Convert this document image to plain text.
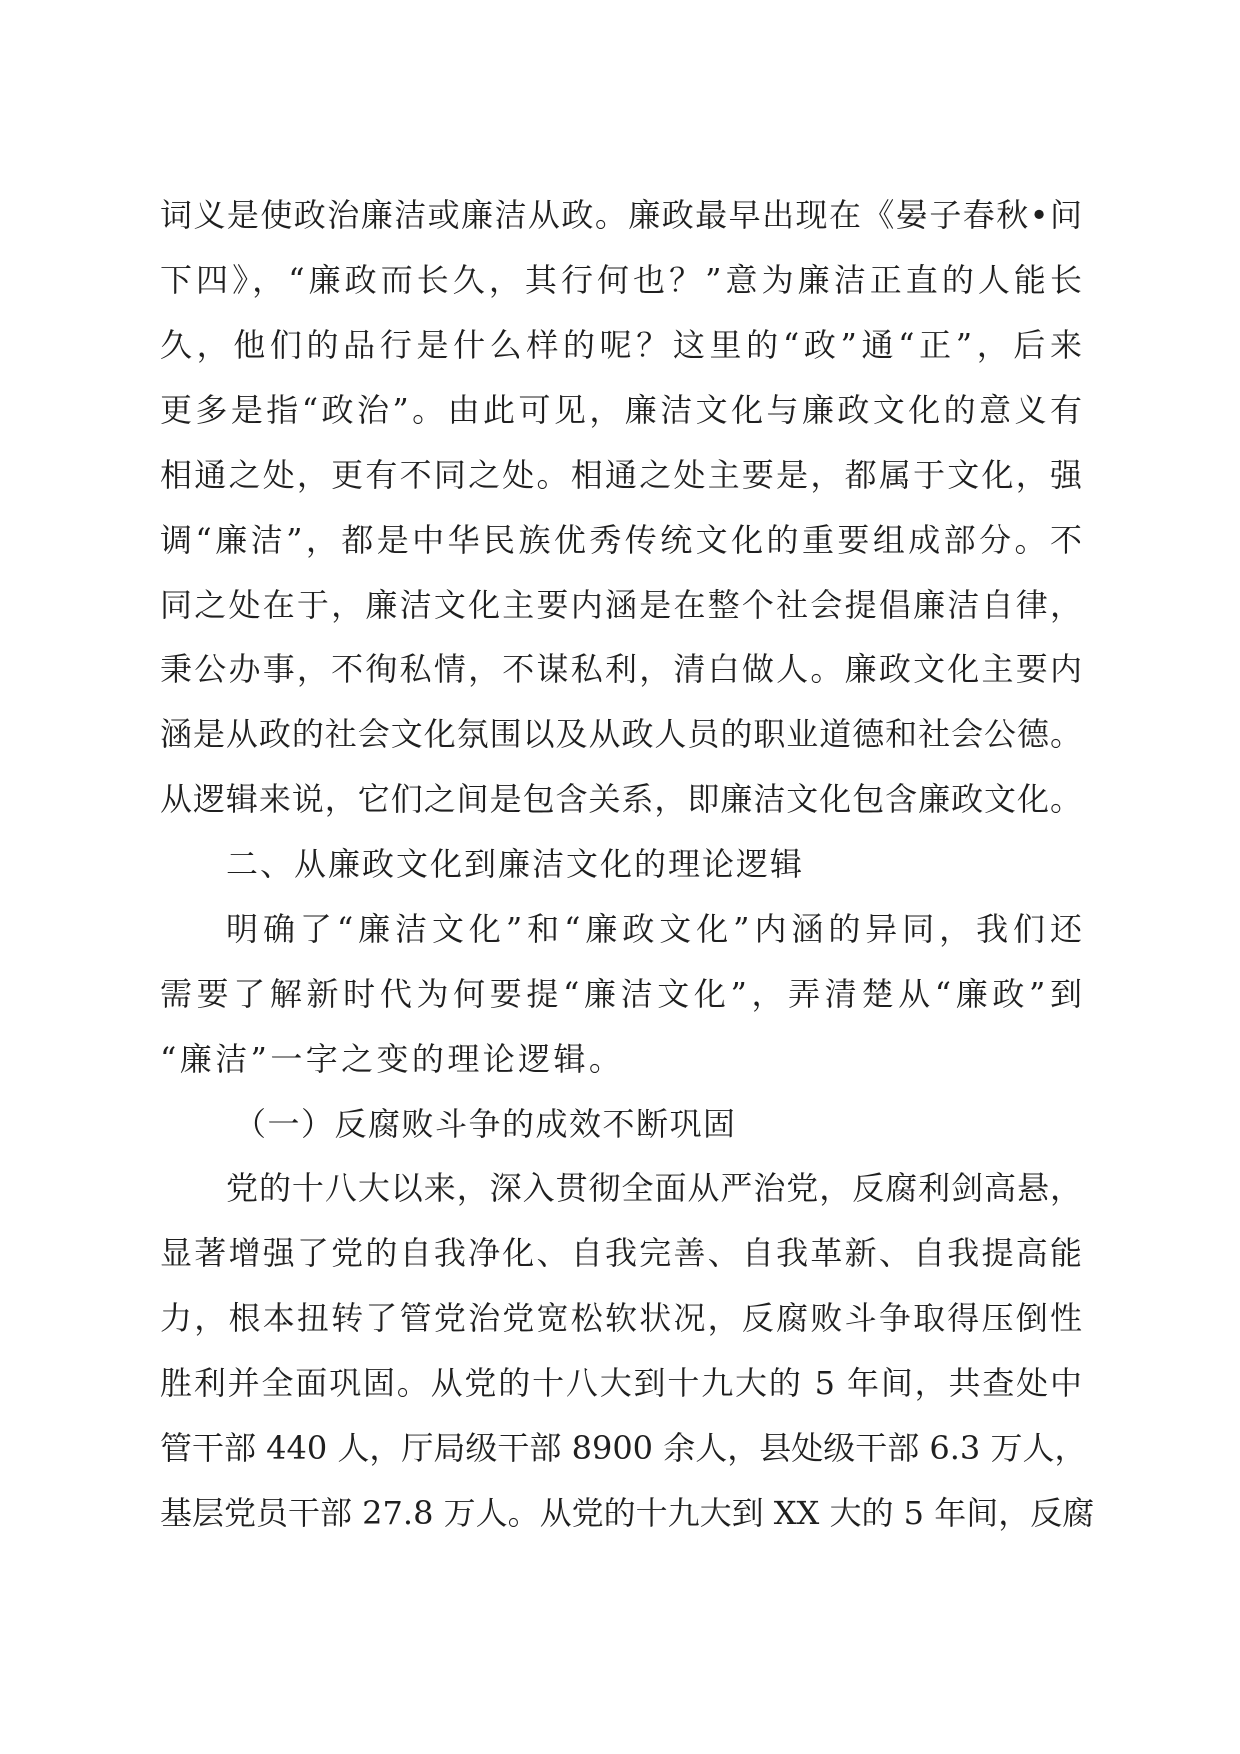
词义是使政治廉洁或廉洁从政。廉政最早出现在《晏子春秋•问
下四》，“廉政而长久，其行何也？”意为廉洁正直的人能长
久，他们的品行是什么样的呢？这里的“政”通“正”，后来
更多是指“政治”。由此可见，廉洁文化与廉政文化的意义有
相通之处，更有不同之处。相通之处主要是，都属于文化，强
调“廉洁”，都是中华民族优秀传统文化的重要组成部分。不
同之处在于，廉洁文化主要内涵是在整个社会提倡廉洁自律，
秉公办事，不徇私情，不谋私利，清白做人。廉政文化主要内
涵是从政的社会文化氛围以及从政人员的职业道德和社会公德。
从逻辑来说，它们之间是包含关系，即廉洁文化包含廉政文化。
二、从廉政文化到廉洁文化的理论逻辑
明确了“廉洁文化”和“廉政文化”内涵的异同，我们还
需要了解新时代为何要提“廉洁文化”，弄清楚从“廉政”到
“廉洁”一字之变的理论逻辑。
（一）反腐败斗争的成效不断巩固
党的十八大以来，深入贯彻全面从严治党，反腐利剑高悬，
显著增强了党的自我净化、自我完善、自我革新、自我提高能
力，根本扭转了管党治党宽松软状况，反腐败斗争取得压倒性
胜利并全面巩固。从党的十八大到十九大的 5 年间，共查处中
管干部 440 人，厅局级干部 8900 余人，县处级干部 6.3 万人，
基层党员干部 27.8 万人。从党的十九大到 XX 大的 5 年间，反腐
